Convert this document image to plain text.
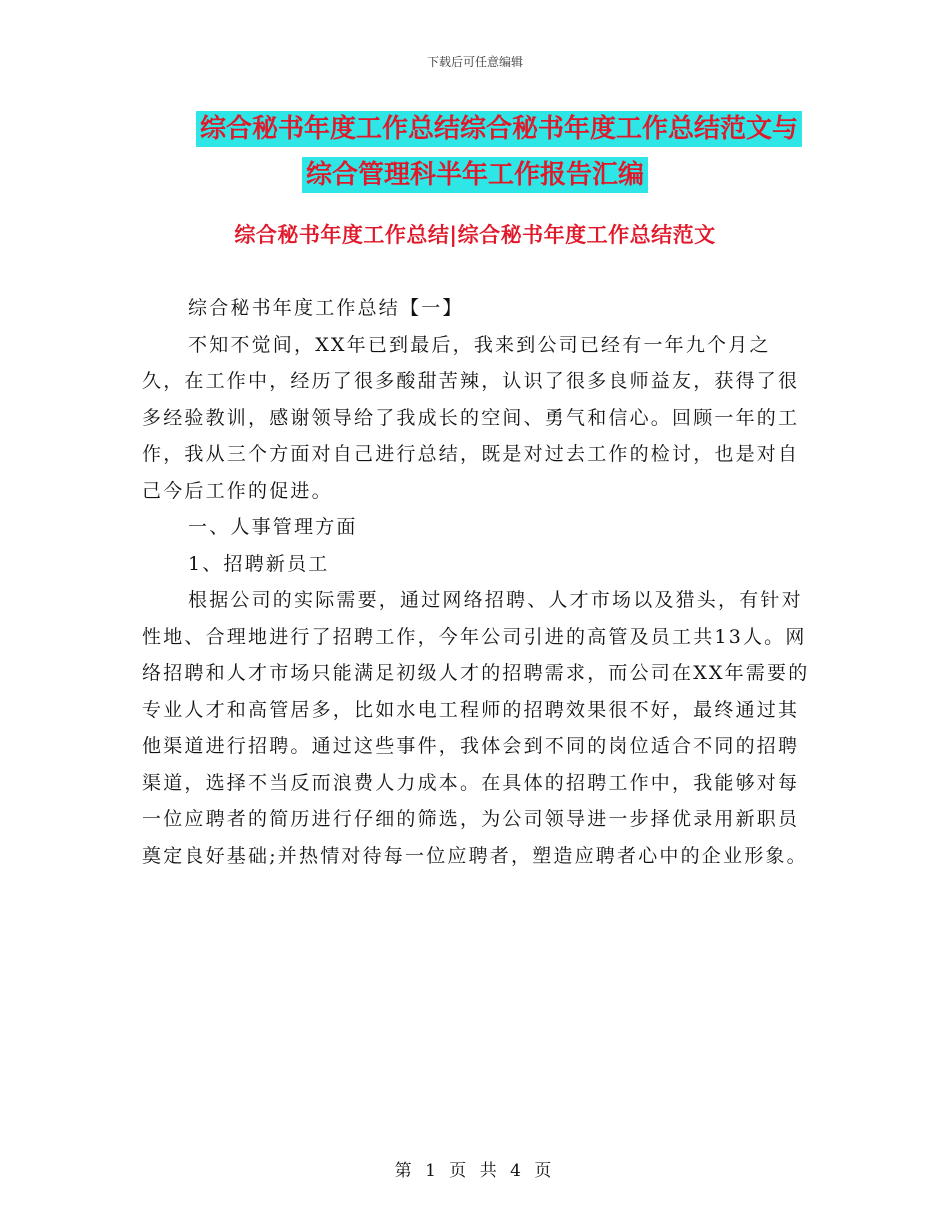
下载后可任意编辑
综合秘书年度工作总结综合秘书年度工作总结范文与
综合管理科半年工作报告汇编
综合秘书年度工作总结|综合秘书年度工作总结范文

综合秘书年度工作总结【一】

不知不觉间，XX年已到最后，我来到公司已经有一年九个月之久，在工作中，经历了很多酸甜苦辣，认识了很多良师益友，获得了很多经验教训，感谢领导给了我成长的空间、勇气和信心。回顾一年的工作，我从三个方面对自己进行总结，既是对过去工作的检讨，也是对自己今后工作的促进。

一、人事管理方面

1、招聘新员工

根据公司的实际需要，通过网络招聘、人才市场以及猎头，有针对性地、合理地进行了招聘工作，今年公司引进的高管及员工共13人。网络招聘和人才市场只能满足初级人才的招聘需求，而公司在XX年需要的专业人才和高管居多，比如水电工程师的招聘效果很不好，最终通过其他渠道进行招聘。通过这些事件，我体会到不同的岗位适合不同的招聘渠道，选择不当反而浪费人力成本。在具体的招聘工作中，我能够对每一位应聘者的简历进行仔细的筛选，为公司领导进一步择优录用新职员奠定良好基础;并热情对待每一位应聘者，塑造应聘者心中的企业形象。

第 1 页 共 4 页
